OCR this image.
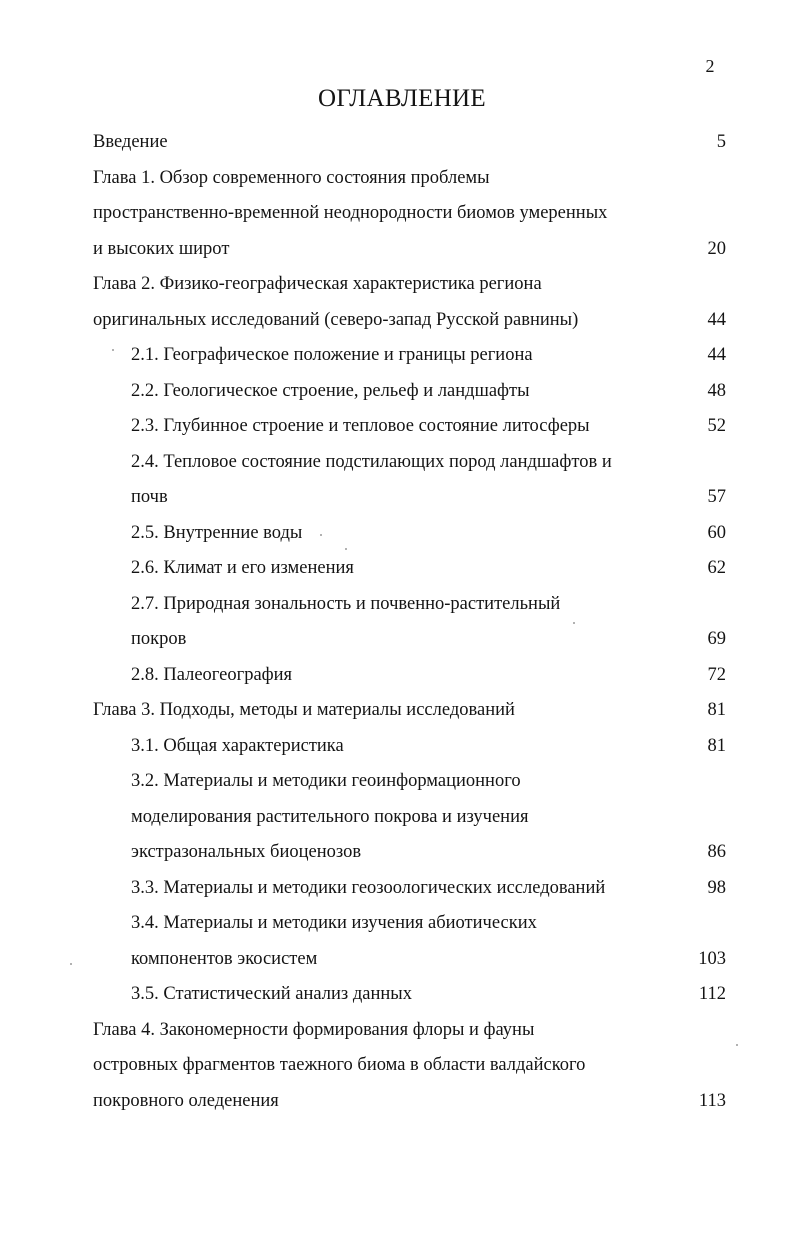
2
ОГЛАВЛЕНИЕ
Введение	5
Глава 1. Обзор современного состояния проблемы
пространственно-временной неоднородности биомов умеренных
и высоких широт	20
Глава 2. Физико-географическая характеристика региона
оригинальных исследований (северо-запад Русской равнины)	44
2.1. Географическое положение и границы региона	44
2.2. Геологическое строение, рельеф и ландшафты	48
2.3. Глубинное строение и тепловое состояние литосферы	52
2.4. Тепловое состояние подстилающих пород ландшафтов и
почв	57
2.5. Внутренние воды	60
2.6. Климат и его изменения	62
2.7. Природная зональность и почвенно-растительный
покров	69
2.8. Палеогеография	72
Глава 3. Подходы, методы и материалы исследований	81
3.1. Общая характеристика	81
3.2. Материалы и методики геоинформационного
моделирования растительного покрова и изучения
экстразональных биоценозов	86
3.3. Материалы и методики геозоологических исследований	98
3.4. Материалы и методики изучения абиотических
компонентов экосистем	103
3.5. Статистический анализ данных	112
Глава 4. Закономерности формирования флоры и фауны
островных фрагментов таежного биома в области валдайского
покровного оледенения	113
